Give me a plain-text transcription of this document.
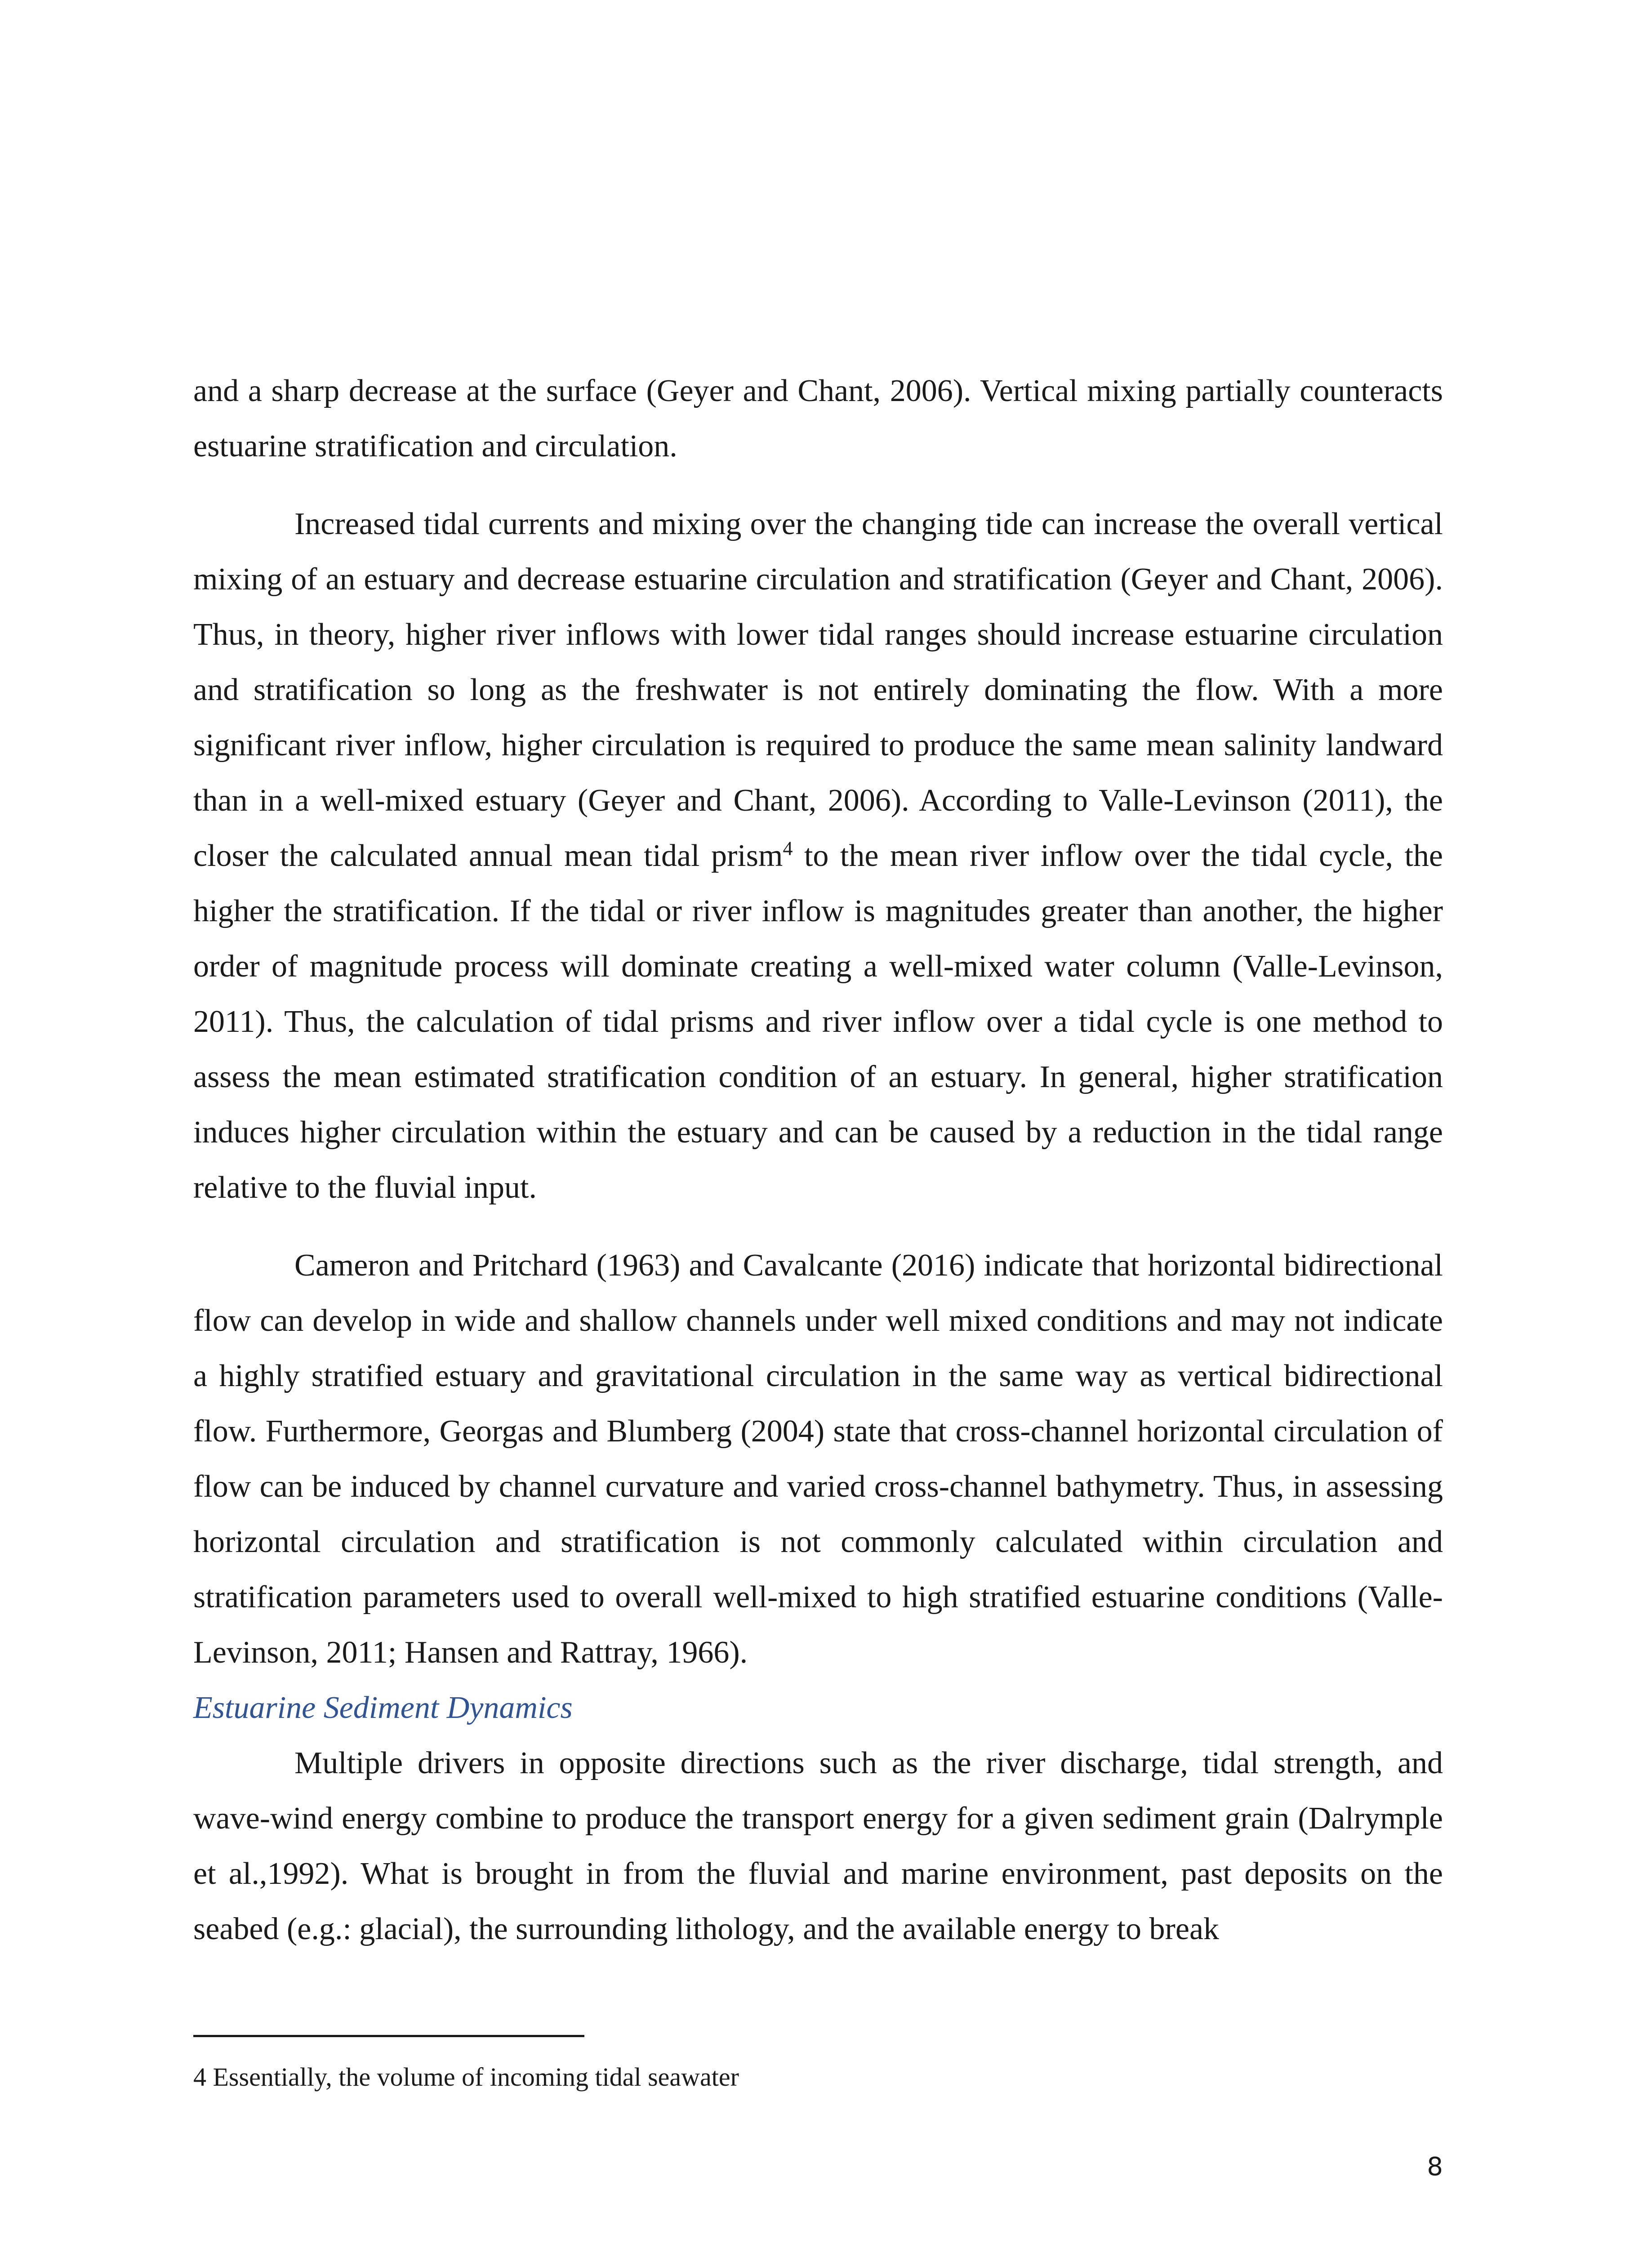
and a sharp decrease at the surface (Geyer and Chant, 2006). Vertical mixing partially counteracts estuarine stratification and circulation.

Increased tidal currents and mixing over the changing tide can increase the overall vertical mixing of an estuary and decrease estuarine circulation and stratification (Geyer and Chant, 2006). Thus, in theory, higher river inflows with lower tidal ranges should increase estuarine circulation and stratification so long as the freshwater is not entirely dominating the flow. With a more significant river inflow, higher circulation is required to produce the same mean salinity landward than in a well-mixed estuary (Geyer and Chant, 2006). According to Valle-Levinson (2011), the closer the calculated annual mean tidal prism$^4$ to the mean river inflow over the tidal cycle, the higher the stratification. If the tidal or river inflow is magnitudes greater than another, the higher order of magnitude process will dominate creating a well-mixed water column (Valle-Levinson, 2011). Thus, the calculation of tidal prisms and river inflow over a tidal cycle is one method to assess the mean estimated stratification condition of an estuary. In general, higher stratification induces higher circulation within the estuary and can be caused by a reduction in the tidal range relative to the fluvial input.

Cameron and Pritchard (1963) and Cavalcante (2016) indicate that horizontal bidirectional flow can develop in wide and shallow channels under well mixed conditions and may not indicate a highly stratified estuary and gravitational circulation in the same way as vertical bidirectional flow. Furthermore, Georgas and Blumberg (2004) state that cross-channel horizontal circulation of flow can be induced by channel curvature and varied cross-channel bathymetry. Thus, in assessing horizontal circulation and stratification is not commonly calculated within circulation and stratification parameters used to overall well-mixed to high stratified estuarine conditions (Valle-Levinson, 2011; Hansen and Rattray, 1966).

Estuarine Sediment Dynamics

Multiple drivers in opposite directions such as the river discharge, tidal strength, and wave-wind energy combine to produce the transport energy for a given sediment grain (Dalrymple et al.,1992). What is brought in from the fluvial and marine environment, past deposits on the seabed (e.g.: glacial), the surrounding lithology, and the available energy to break

4 Essentially, the volume of incoming tidal seawater
8
